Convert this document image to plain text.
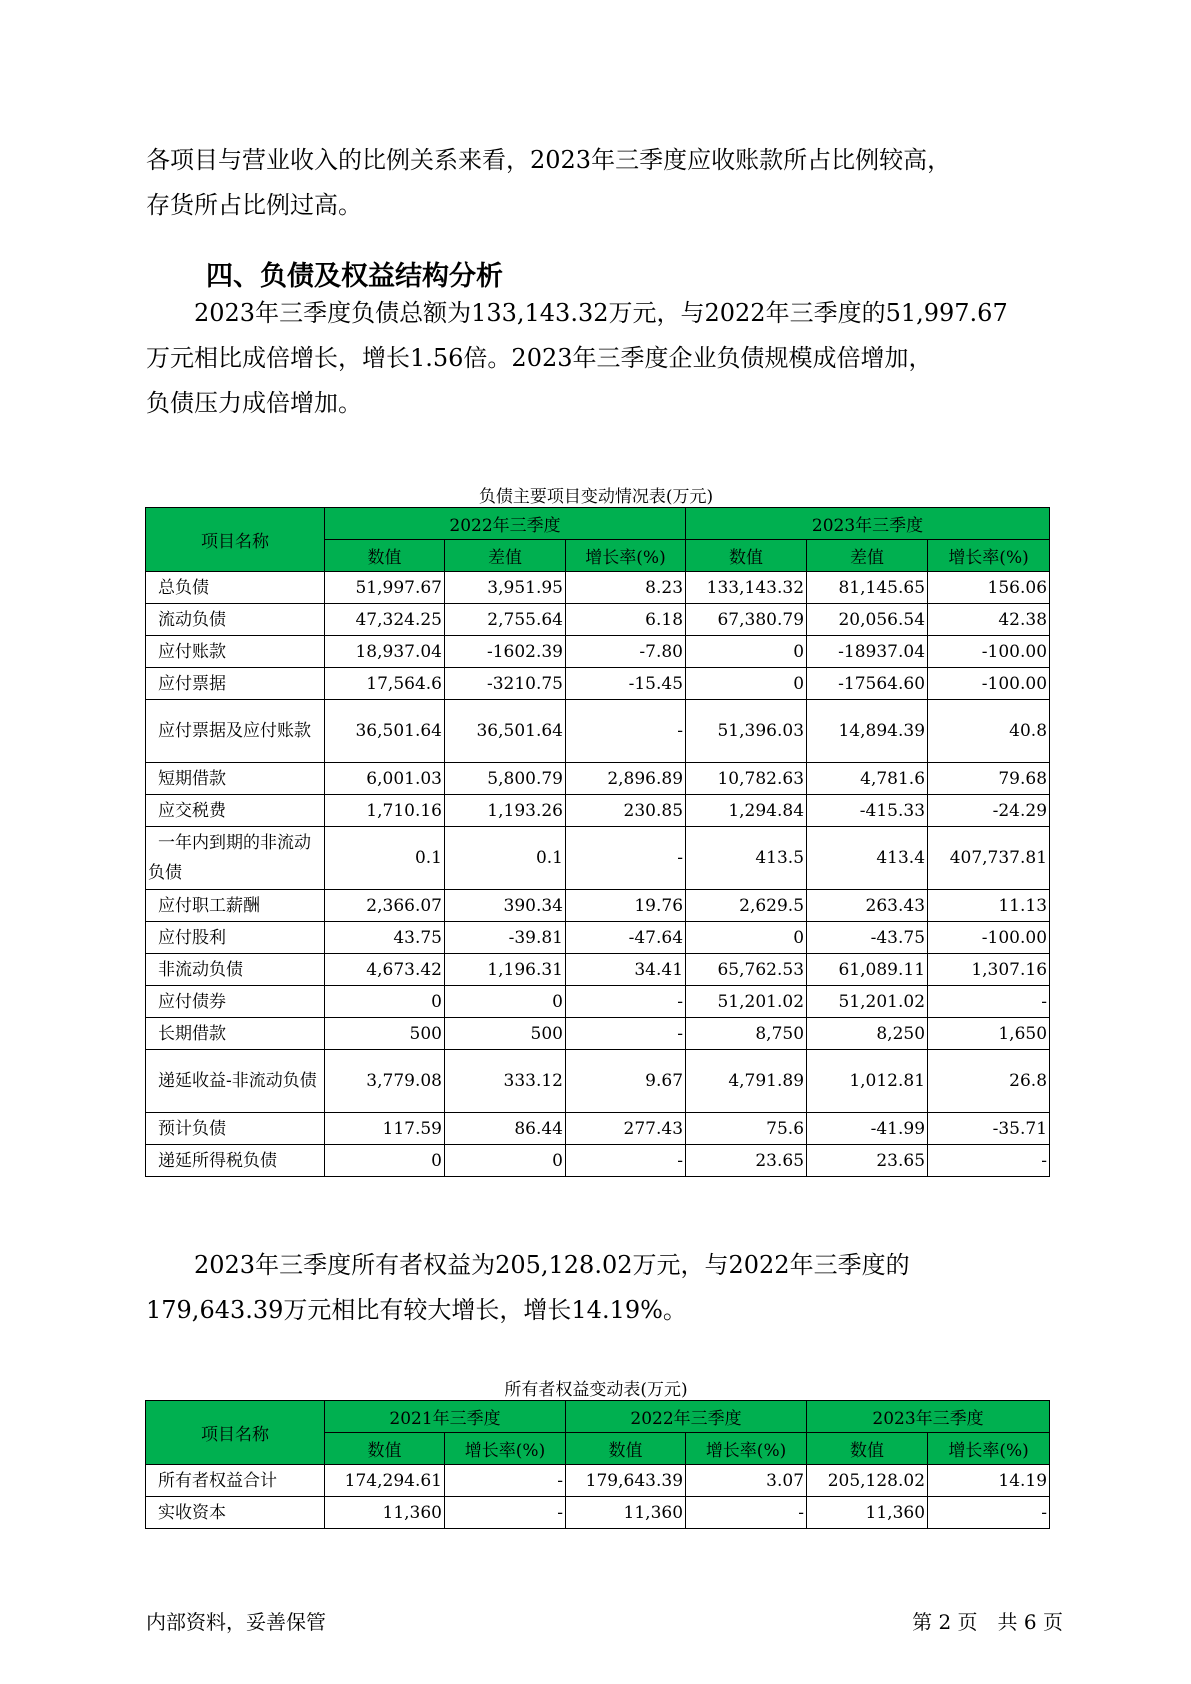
各项目与营业收入的比例关系来看，2023年三季度应收账款所占比例较高，
存货所占比例过高。
四、负债及权益结构分析
2023年三季度负债总额为133,143.32万元，与2022年三季度的51,997.67
万元相比成倍增长，增长1.56倍。2023年三季度企业负债规模成倍增加，
负债压力成倍增加。
负债主要项目变动情况表(万元)
项目名称	2022年三季度			2023年三季度		
	数值	差值	增长率(%)	数值	差值	增长率(%)
总负债	51,997.67	3,951.95	8.23	133,143.32	81,145.65	156.06
流动负债	47,324.25	2,755.64	6.18	67,380.79	20,056.54	42.38
应付账款	18,937.04	-1602.39	-7.80	0	-18937.04	-100.00
应付票据	17,564.6	-3210.75	-15.45	0	-17564.60	-100.00
应付票据及应付账款	36,501.64	36,501.64	-	51,396.03	14,894.39	40.8
短期借款	6,001.03	5,800.79	2,896.89	10,782.63	4,781.6	79.68
应交税费	1,710.16	1,193.26	230.85	1,294.84	-415.33	-24.29
一年内到期的非流动负债	0.1	0.1	-	413.5	413.4	407,737.81
应付职工薪酬	2,366.07	390.34	19.76	2,629.5	263.43	11.13
应付股利	43.75	-39.81	-47.64	0	-43.75	-100.00
非流动负债	4,673.42	1,196.31	34.41	65,762.53	61,089.11	1,307.16
应付债券	0	0	-	51,201.02	51,201.02	-
长期借款	500	500	-	8,750	8,250	1,650
递延收益-非流动负债	3,779.08	333.12	9.67	4,791.89	1,012.81	26.8
预计负债	117.59	86.44	277.43	75.6	-41.99	-35.71
递延所得税负债	0	0	-	23.65	23.65	-
2023年三季度所有者权益为205,128.02万元，与2022年三季度的
179,643.39万元相比有较大增长，增长14.19%。
所有者权益变动表(万元)
项目名称	2021年三季度		2022年三季度		2023年三季度	
	数值	增长率(%)	数值	增长率(%)	数值	增长率(%)
所有者权益合计	174,294.61	-	179,643.39	3.07	205,128.02	14.19
实收资本	11,360	-	11,360	-	11,360	-
内部资料，妥善保管	第 2 页　共 6 页
